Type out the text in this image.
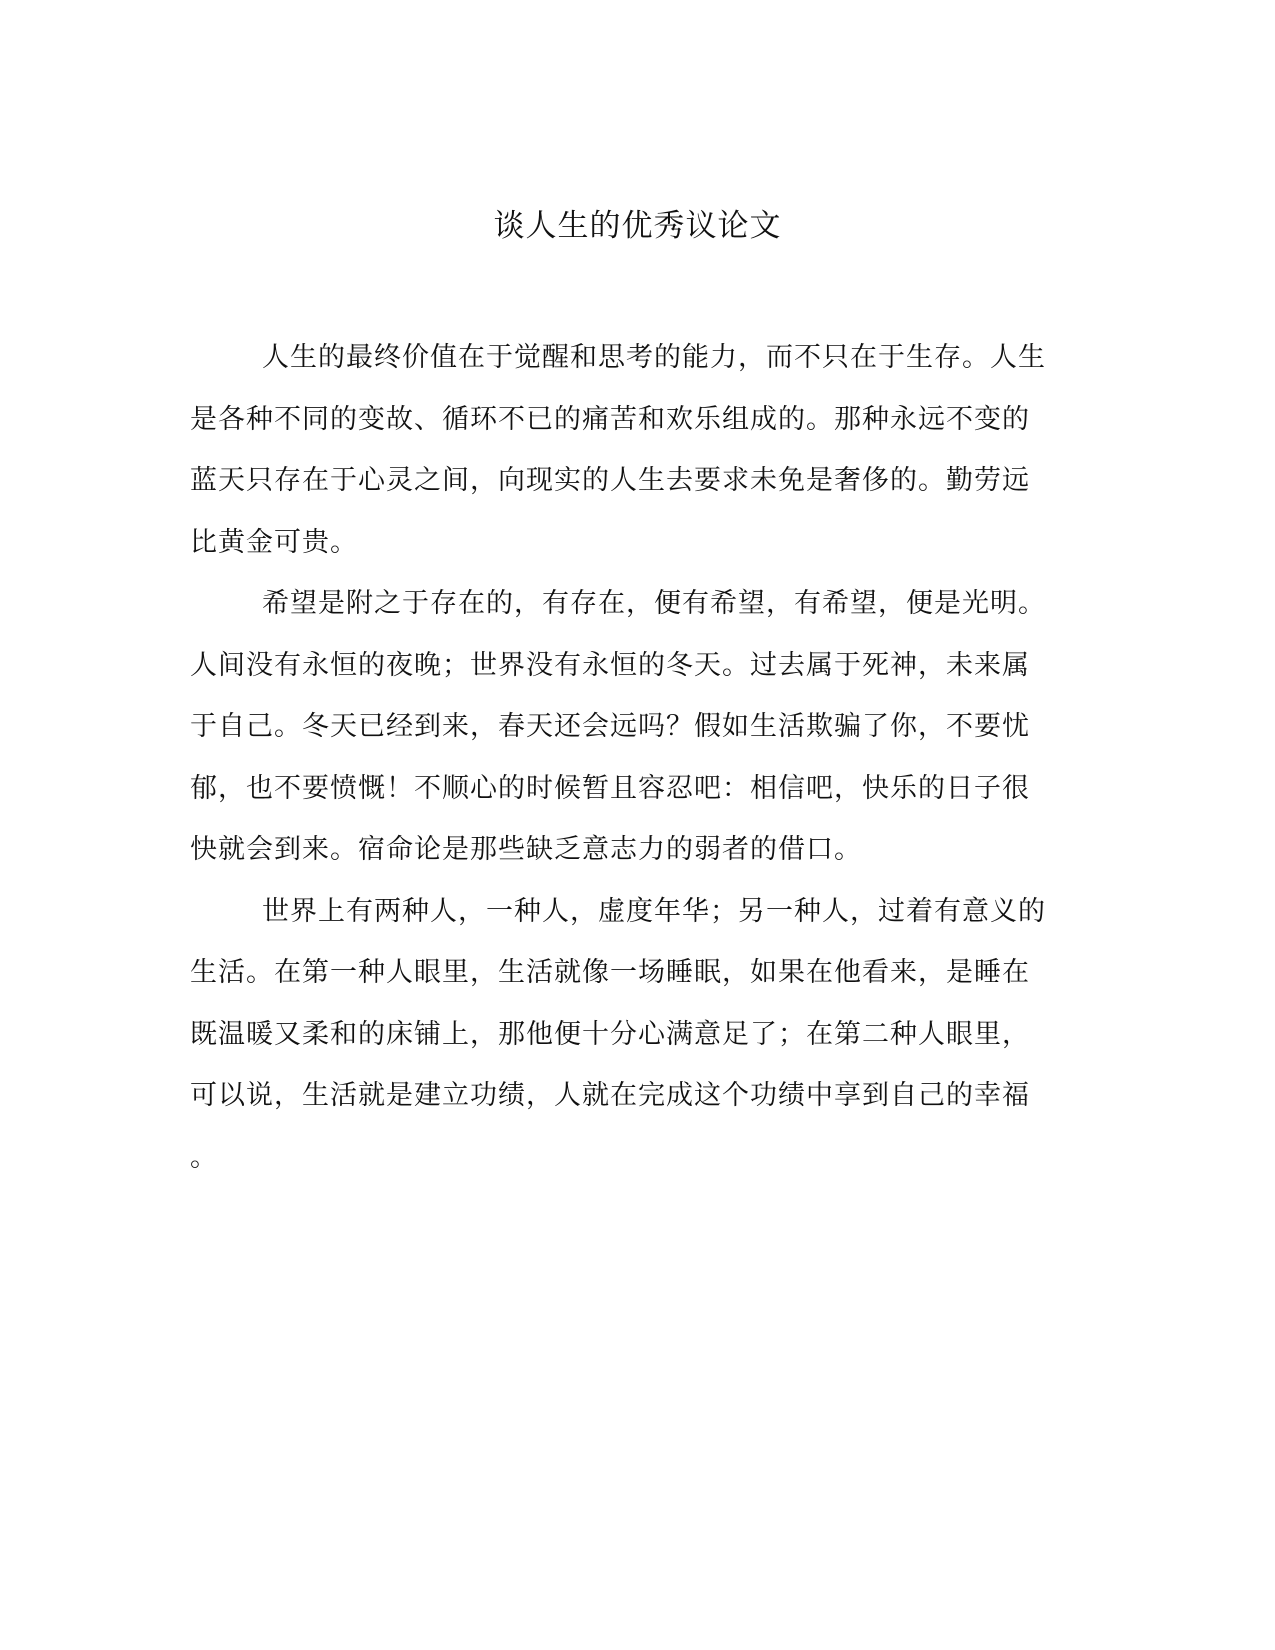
谈人生的优秀议论文

人生的最终价值在于觉醒和思考的能力，而不只在于生存。人生
是各种不同的变故、循环不已的痛苦和欢乐组成的。那种永远不变的
蓝天只存在于心灵之间，向现实的人生去要求未免是奢侈的。勤劳远
比黄金可贵。

希望是附之于存在的，有存在，便有希望，有希望，便是光明。
人间没有永恒的夜晚；世界没有永恒的冬天。过去属于死神，未来属
于自己。冬天已经到来，春天还会远吗？假如生活欺骗了你，不要忧
郁，也不要愤慨！不顺心的时候暂且容忍吧：相信吧，快乐的日子很
快就会到来。宿命论是那些缺乏意志力的弱者的借口。

世界上有两种人，一种人，虚度年华；另一种人，过着有意义的
生活。在第一种人眼里，生活就像一场睡眠，如果在他看来，是睡在
既温暖又柔和的床铺上，那他便十分心满意足了；在第二种人眼里，
可以说，生活就是建立功绩，人就在完成这个功绩中享到自己的幸福
。
